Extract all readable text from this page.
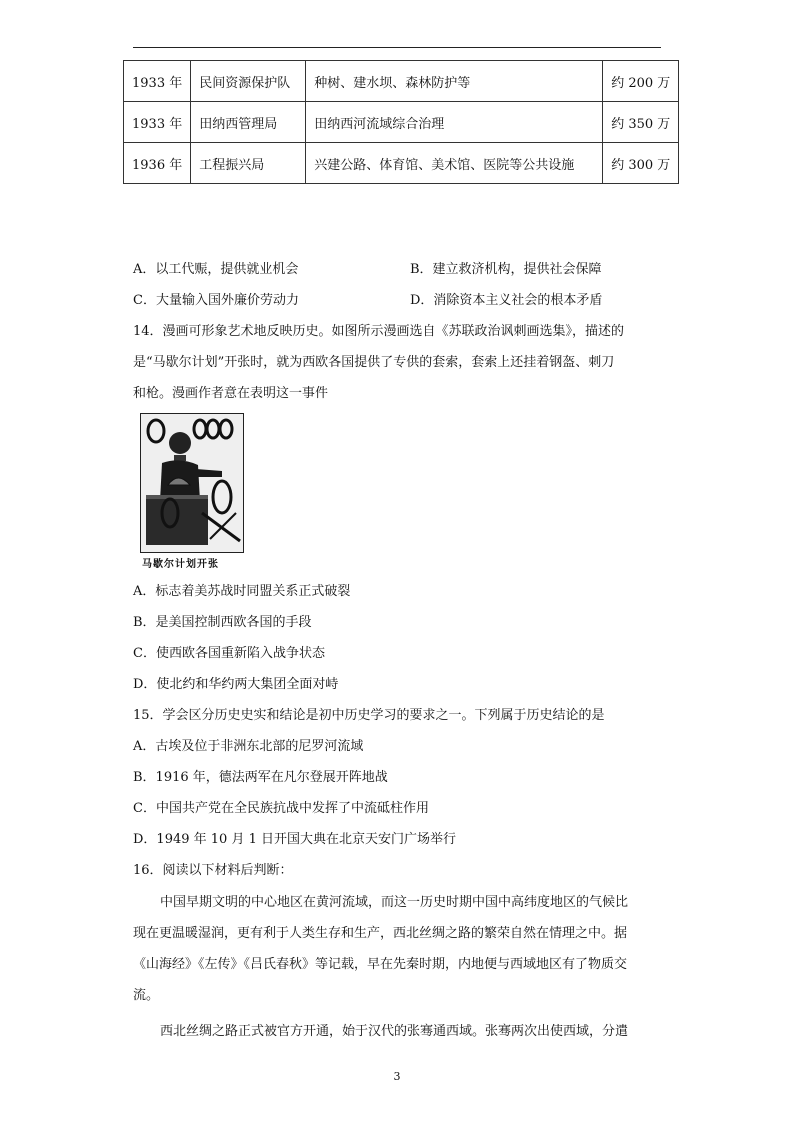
1933 年	民间资源保护队	种树、建水坝、森林防护等	约 200 万
1933 年	田纳西管理局	田纳西河流域综合治理	约 350 万
1936 年	工程振兴局	兴建公路、体育馆、美术馆、医院等公共设施	约 300 万
A．以工代赈，提供就业机会	B．建立救济机构，提供社会保障
C．大量输入国外廉价劳动力	D．消除资本主义社会的根本矛盾
14．漫画可形象艺术地反映历史。如图所示漫画选自《苏联政治讽刺画选集》，描述的
是“马歇尔计划”开张时，就为西欧各国提供了专供的套索，套索上还挂着钢盔、刺刀
和枪。漫画作者意在表明这一事件
马歇尔计划开张
A．标志着美苏战时同盟关系正式破裂
B．是美国控制西欧各国的手段
C．使西欧各国重新陷入战争状态
D．使北约和华约两大集团全面对峙
15．学会区分历史史实和结论是初中历史学习的要求之一。下列属于历史结论的是
A．古埃及位于非洲东北部的尼罗河流域
B．1916 年，德法两军在凡尔登展开阵地战
C．中国共产党在全民族抗战中发挥了中流砥柱作用
D．1949 年 10 月 1 日开国大典在北京天安门广场举行
16．阅读以下材料后判断：
中国早期文明的中心地区在黄河流域，而这一历史时期中国中高纬度地区的气候比
现在更温暖湿润，更有利于人类生存和生产，西北丝绸之路的繁荣自然在情理之中。据
《山海经》《左传》《吕氏春秋》等记载，早在先秦时期，内地便与西域地区有了物质交
流。
西北丝绸之路正式被官方开通，始于汉代的张骞通西域。张骞两次出使西域，分遣
3
